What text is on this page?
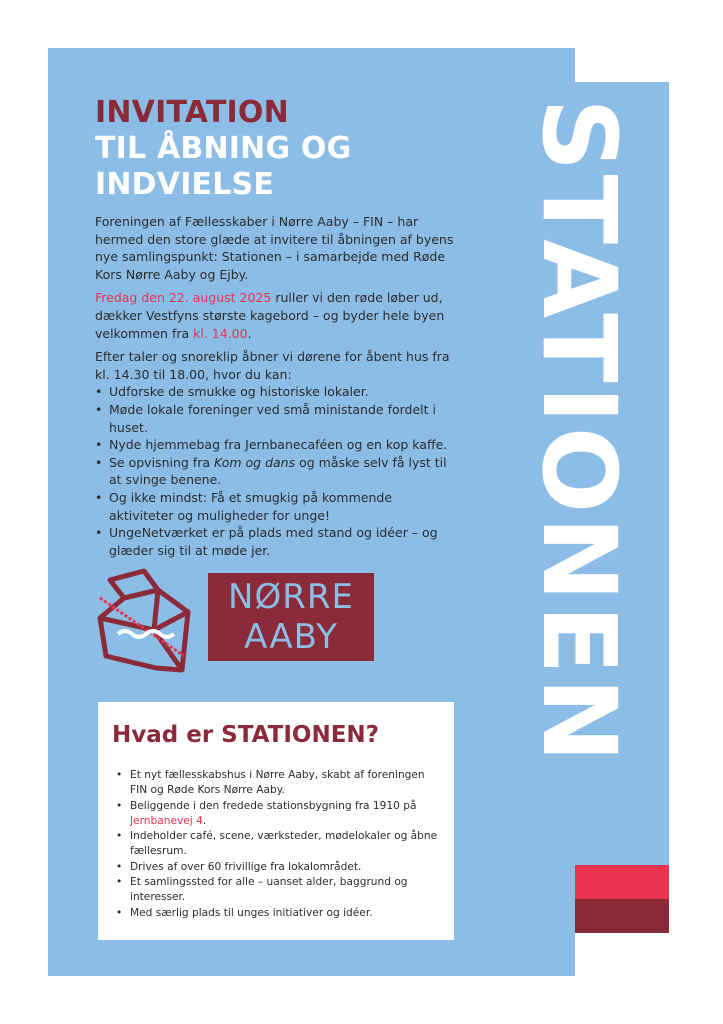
INVITATION
TIL ÅBNING OG
INDVIELSE

Foreningen af Fællesskaber i Nørre Aaby – FIN – har hermed den store glæde at invitere til åbningen af byens nye samlingspunkt: Stationen – i samarbejde med Røde Kors Nørre Aaby og Ejby.

Fredag den 22. august 2025 ruller vi den røde løber ud, dækker Vestfyns største kagebord – og byder hele byen velkommen fra kl. 14.00.

Efter taler og snoreklip åbner vi dørene for åbent hus fra kl. 14.30 til 18.00, hvor du kan:

• Udforske de smukke og historiske lokaler.
• Møde lokale foreninger ved små ministande fordelt i huset.
• Nyde hjemmebag fra Jernbanecaféen og en kop kaffe.
• Se opvisning fra Kom og dans og måske selv få lyst til at svinge benene.
• Og ikke mindst: Få et smugkig på kommende aktiviteter og muligheder for unge!
• UngeNetværket er på plads med stand og idéer – og glæder sig til at møde jer.
NØRRE
AABY
Hvad er STATIONEN?
• Et nyt fællesskabshus i Nørre Aaby, skabt af foreningen FIN og Røde Kors Nørre Aaby.
• Beliggende i den fredede stationsbygning fra 1910 på Jernbanevej 4.
• Indeholder café, scene, værksteder, mødelokaler og åbne fællesrum.
• Drives af over 60 frivillige fra lokalområdet.
• Et samlingssted for alle – uanset alder, baggrund og interesser.
• Med særlig plads til unges initiativer og idéer.
STATIONEN
